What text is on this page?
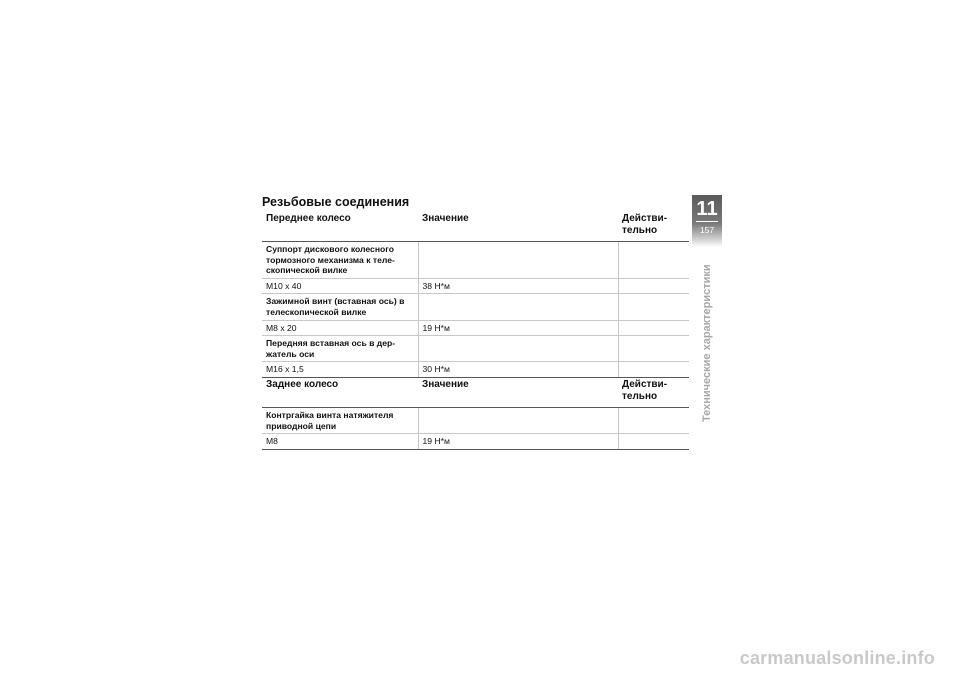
Резьбовые соединения
Переднее колесо	Значение	Действи-
тельно
Суппорт дискового колесного тормозного механизма к теле-скопической вилке		
M10 x 40	38 Н*м	
Зажимной винт (вставная ось) в телескопической вилке		
M8 x 20	19 Н*м	
Передняя вставная ось в дер-жатель оси		
M16 x 1,5	30 Н*м	
Заднее колесо	Значение	Действи-
тельно
Контргайка винта натяжителя приводной цепи		
M8	19 Н*м	
11
157
Технические характеристики
carmanualsonline.info
